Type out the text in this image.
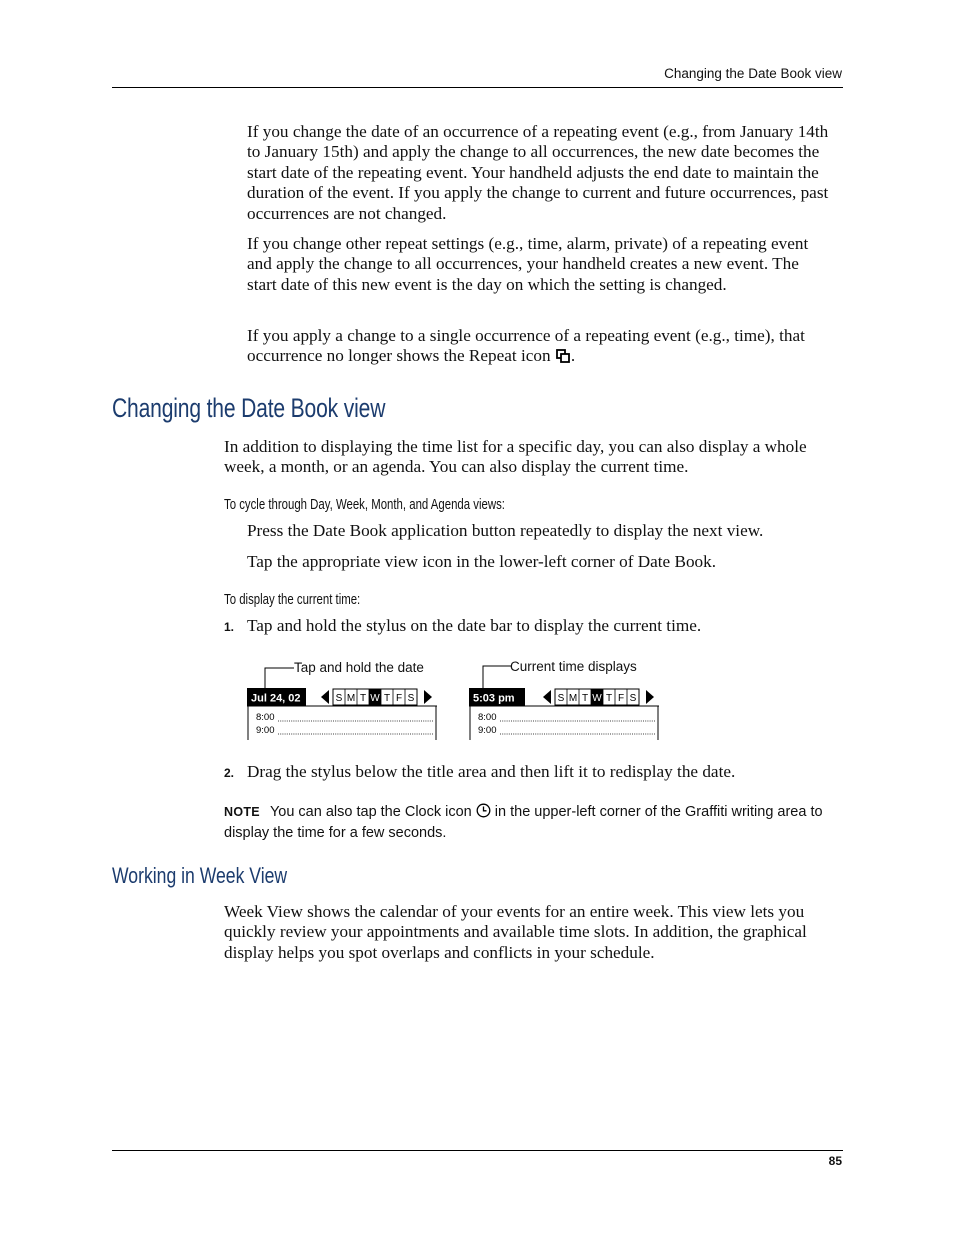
Changing the Date Book view
If you change the date of an occurrence of a repeating event (e.g., from January 14th to January 15th) and apply the change to all occurrences, the new date becomes the start date of the repeating event. Your handheld adjusts the end date to maintain the duration of the event. If you apply the change to current and future occurrences, past occurrences are not changed.
If you change other repeat settings (e.g., time, alarm, private) of a repeating event and apply the change to all occurrences, your handheld creates a new event. The start date of this new event is the day on which the setting is changed.
If you apply a change to a single occurrence of a repeating event (e.g., time), that occurrence no longer shows the Repeat icon .
Changing the Date Book view
In addition to displaying the time list for a specific day, you can also display a whole week, a month, or an agenda. You can also display the current time.
To cycle through Day, Week, Month, and Agenda views:
Press the Date Book application button repeatedly to display the next view.
Tap the appropriate view icon in the lower-left corner of Date Book.
To display the current time:
1. Tap and hold the stylus on the date bar to display the current time.
Tap and hold the date	Current time displays
Jul 24, 02	S M T W T F S
8:00
9:00
5:03 pm	S M T W T F S
8:00
9:00
2. Drag the stylus below the title area and then lift it to redisplay the date.
NOTE You can also tap the Clock icon in the upper-left corner of the Graffiti writing area to display the time for a few seconds.
Working in Week View
Week View shows the calendar of your events for an entire week. This view lets you quickly review your appointments and available time slots. In addition, the graphical display helps you spot overlaps and conflicts in your schedule.
85
